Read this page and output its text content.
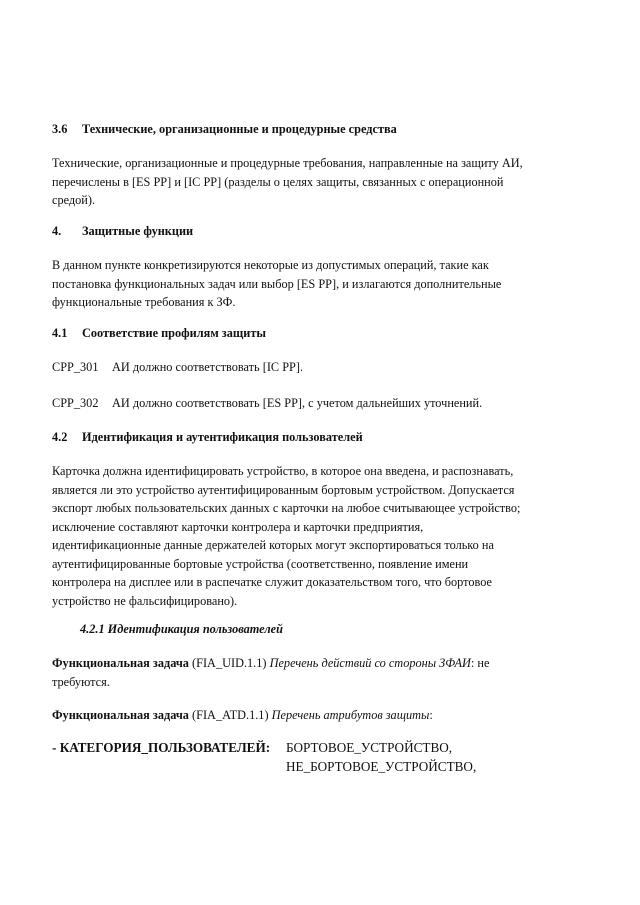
3.6 Технические, организационные и процедурные средства
Технические, организационные и процедурные требования, направленные на защиту АИ,
перечислены в [ES PP] и [IC PP] (разделы о целях защиты, связанных с операционной
средой).
4. Защитные функции
В данном пункте конкретизируются некоторые из допустимых операций, такие как
постановка функциональных задач или выбор [ES PP], и излагаются дополнительные
функциональные требования к ЗФ.
4.1 Соответствие профилям защиты
CPP_301 АИ должно соответствовать [IC PP].
CPP_302 АИ должно соответствовать [ES PP], с учетом дальнейших уточнений.
4.2 Идентификация и аутентификация пользователей
Карточка должна идентифицировать устройство, в которое она введена, и распознавать,
является ли это устройство аутентифицированным бортовым устройством. Допускается
экспорт любых пользовательских данных с карточки на любое считывающее устройство;
исключение составляют карточки контролера и карточки предприятия,
идентификационные данные держателей которых могут экспортироваться только на
аутентифицированные бортовые устройства (соответственно, появление имени
контролера на дисплее или в распечатке служит доказательством того, что бортовое
устройство не фальсифицировано).
4.2.1 Идентификация пользователей
Функциональная задача (FIA_UID.1.1) Перечень действий со стороны ЗФАИ: не
требуются.
Функциональная задача (FIA_ATD.1.1) Перечень атрибутов защиты:
- КАТЕГОРИЯ_ПОЛЬЗОВАТЕЛЕЙ: БОРТОВОЕ_УСТРОЙСТВО,
НЕ_БОРТОВОЕ_УСТРОЙСТВО,
